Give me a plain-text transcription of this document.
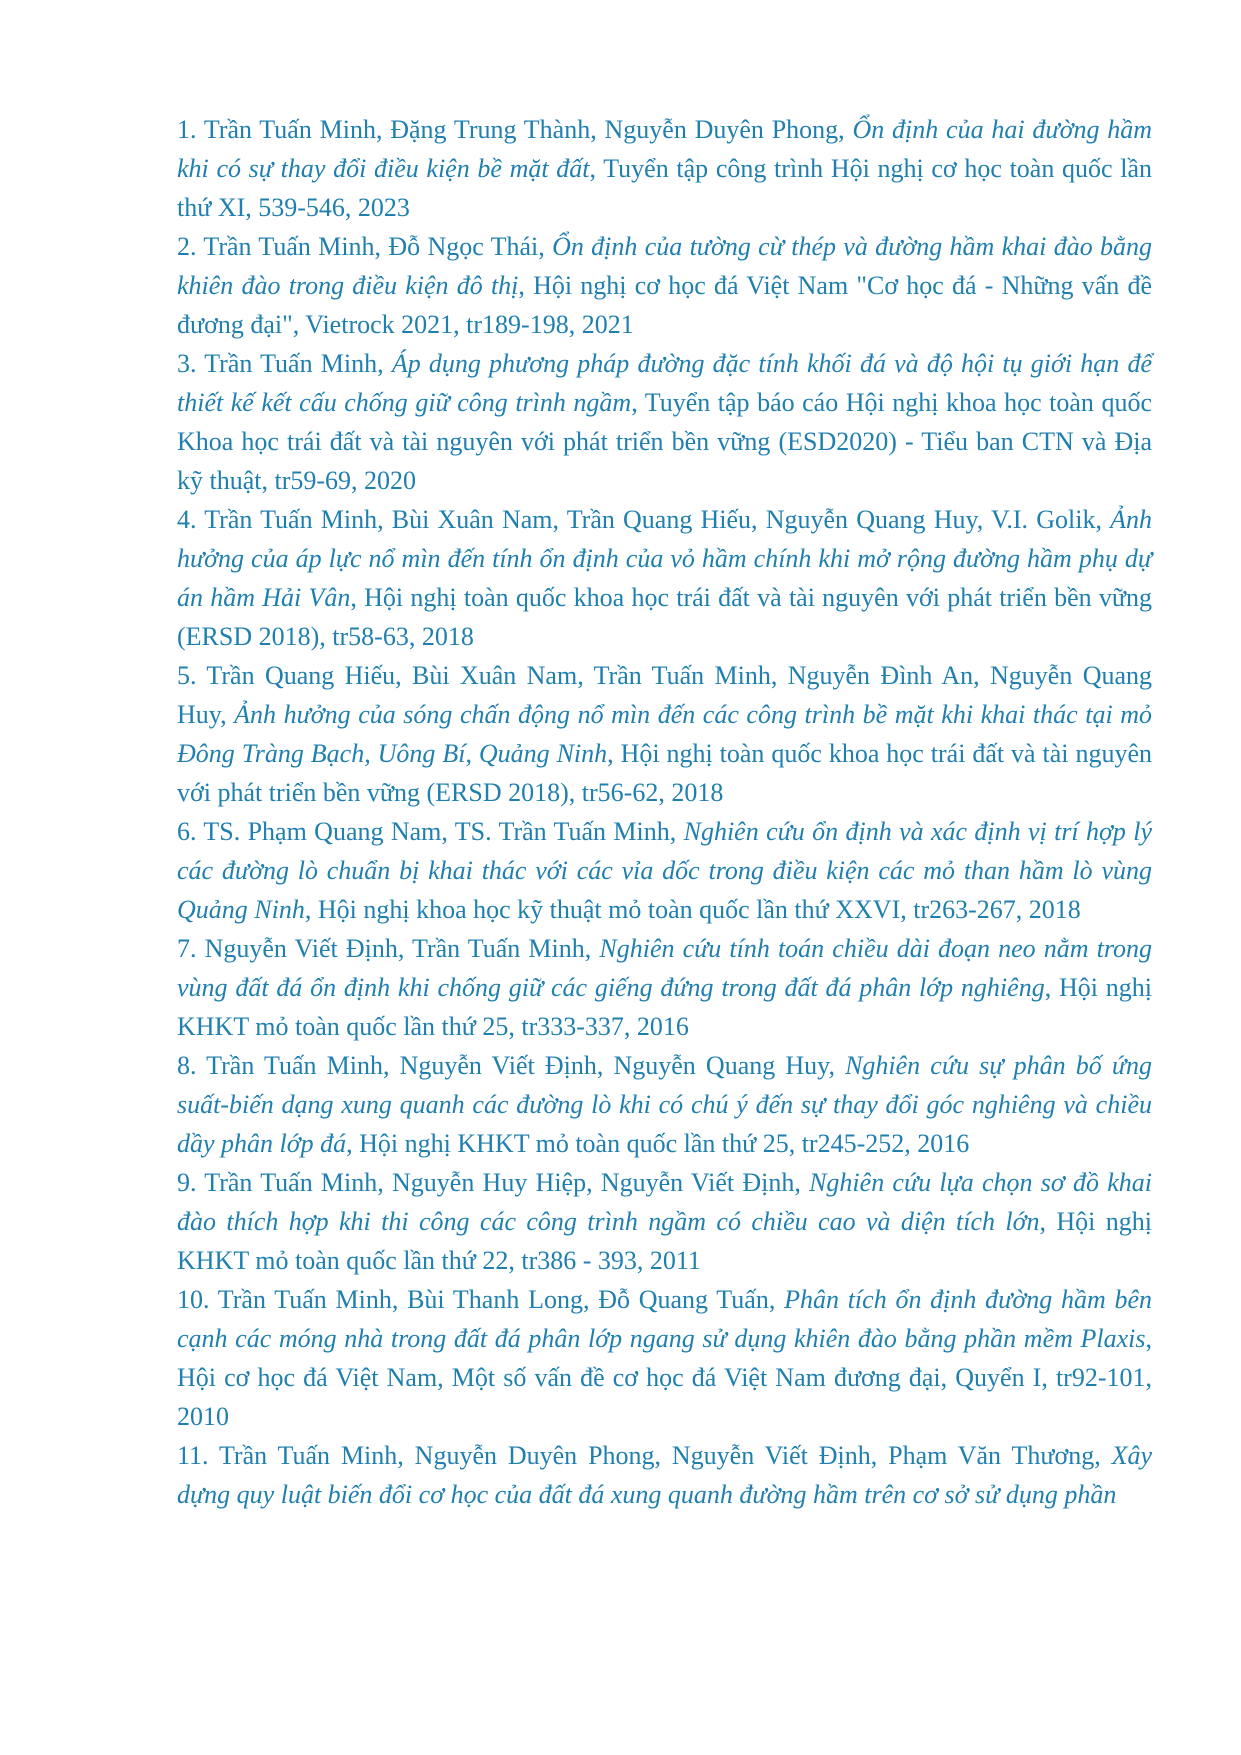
1. Trần Tuấn Minh, Đặng Trung Thành, Nguyễn Duyên Phong, Ổn định của hai đường hầm khi có sự thay đổi điều kiện bề mặt đất, Tuyển tập công trình Hội nghị cơ học toàn quốc lần thứ XI, 539-546, 2023

2. Trần Tuấn Minh, Đỗ Ngọc Thái, Ổn định của tường cừ thép và đường hầm khai đào bằng khiên đào trong điều kiện đô thị, Hội nghị cơ học đá Việt Nam "Cơ học đá - Những vấn đề đương đại", Vietrock 2021, tr189-198, 2021

3. Trần Tuấn Minh, Áp dụng phương pháp đường đặc tính khối đá và độ hội tụ giới hạn để thiết kế kết cấu chống giữ công trình ngầm, Tuyển tập báo cáo Hội nghị khoa học toàn quốc Khoa học trái đất và tài nguyên với phát triển bền vững (ESD2020) - Tiểu ban CTN và Địa kỹ thuật, tr59-69, 2020

4. Trần Tuấn Minh, Bùi Xuân Nam, Trần Quang Hiếu, Nguyễn Quang Huy, V.I. Golik, Ảnh hưởng của áp lực nổ mìn đến tính ổn định của vỏ hầm chính khi mở rộng đường hầm phụ dự án hầm Hải Vân, Hội nghị toàn quốc khoa học trái đất và tài nguyên với phát triển bền vững (ERSD 2018), tr58-63, 2018

5. Trần Quang Hiếu, Bùi Xuân Nam, Trần Tuấn Minh, Nguyễn Đình An, Nguyễn Quang Huy, Ảnh hưởng của sóng chấn động nổ mìn đến các công trình bề mặt khi khai thác tại mỏ Đông Tràng Bạch, Uông Bí, Quảng Ninh, Hội nghị toàn quốc khoa học trái đất và tài nguyên với phát triển bền vững (ERSD 2018), tr56-62, 2018

6. TS. Phạm Quang Nam, TS. Trần Tuấn Minh, Nghiên cứu ổn định và xác định vị trí hợp lý các đường lò chuẩn bị khai thác với các vỉa dốc trong điều kiện các mỏ than hầm lò vùng Quảng Ninh, Hội nghị khoa học kỹ thuật mỏ toàn quốc lần thứ XXVI, tr263-267, 2018

7. Nguyễn Viết Định, Trần Tuấn Minh, Nghiên cứu tính toán chiều dài đoạn neo nằm trong vùng đất đá ổn định khi chống giữ các giếng đứng trong đất đá phân lớp nghiêng, Hội nghị KHKT mỏ toàn quốc lần thứ 25, tr333-337, 2016

8. Trần Tuấn Minh, Nguyễn Viết Định, Nguyễn Quang Huy, Nghiên cứu sự phân bố ứng suất-biến dạng xung quanh các đường lò khi có chú ý đến sự thay đổi góc nghiêng và chiều dầy phân lớp đá, Hội nghị KHKT mỏ toàn quốc lần thứ 25, tr245-252, 2016

9. Trần Tuấn Minh, Nguyễn Huy Hiệp, Nguyễn Viết Định, Nghiên cứu lựa chọn sơ đồ khai đào thích hợp khi thi công các công trình ngầm có chiều cao và diện tích lớn, Hội nghị KHKT mỏ toàn quốc lần thứ 22, tr386 - 393, 2011

10. Trần Tuấn Minh, Bùi Thanh Long, Đỗ Quang Tuấn, Phân tích ổn định đường hầm bên cạnh các móng nhà trong đất đá phân lớp ngang sử dụng khiên đào bằng phần mềm Plaxis, Hội cơ học đá Việt Nam, Một số vấn đề cơ học đá Việt Nam đương đại, Quyển I, tr92-101, 2010

11. Trần Tuấn Minh, Nguyễn Duyên Phong, Nguyễn Viết Định, Phạm Văn Thương, Xây dựng quy luật biến đổi cơ học của đất đá xung quanh đường hầm trên cơ sở sử dụng phần
